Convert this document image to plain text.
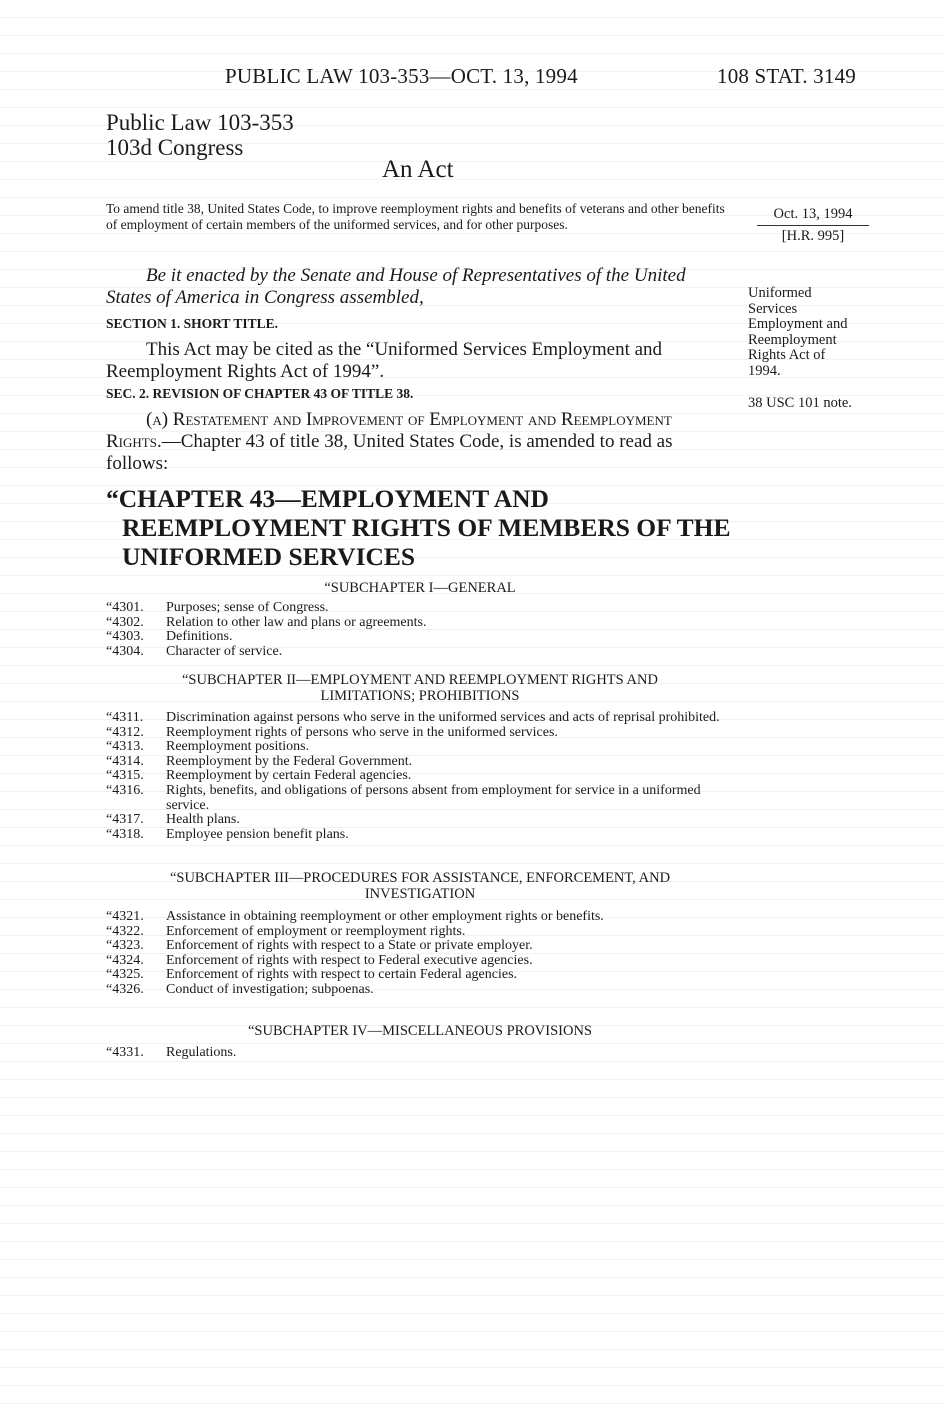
PUBLIC LAW 103-353—OCT. 13, 1994	108 STAT. 3149
Public Law 103-353
103d Congress
An Act
To amend title 38, United States Code, to improve reemployment rights and benefits of veterans and other benefits of employment of certain members of the uniformed services, and for other purposes.
Oct. 13, 1994
[H.R. 995]
Uniformed Services Employment and Reemployment Rights Act of 1994.
38 USC 101 note.
Be it enacted by the Senate and House of Representatives of the United States of America in Congress assembled,
SECTION 1. SHORT TITLE.
This Act may be cited as the “Uniformed Services Employment and Reemployment Rights Act of 1994”.
SEC. 2. REVISION OF CHAPTER 43 OF TITLE 38.
(a) Restatement and Improvement of Employment and Reemployment Rights.—Chapter 43 of title 38, United States Code, is amended to read as follows:
“CHAPTER 43—EMPLOYMENT AND REEMPLOYMENT RIGHTS OF MEMBERS OF THE UNIFORMED SERVICES
“SUBCHAPTER I—GENERAL
“4301. Purposes; sense of Congress.
“4302. Relation to other law and plans or agreements.
“4303. Definitions.
“4304. Character of service.
“SUBCHAPTER II—EMPLOYMENT AND REEMPLOYMENT RIGHTS AND LIMITATIONS; PROHIBITIONS
“4311. Discrimination against persons who serve in the uniformed services and acts of reprisal prohibited.
“4312. Reemployment rights of persons who serve in the uniformed services.
“4313. Reemployment positions.
“4314. Reemployment by the Federal Government.
“4315. Reemployment by certain Federal agencies.
“4316. Rights, benefits, and obligations of persons absent from employment for service in a uniformed service.
“4317. Health plans.
“4318. Employee pension benefit plans.
“SUBCHAPTER III—PROCEDURES FOR ASSISTANCE, ENFORCEMENT, AND INVESTIGATION
“4321. Assistance in obtaining reemployment or other employment rights or benefits.
“4322. Enforcement of employment or reemployment rights.
“4323. Enforcement of rights with respect to a State or private employer.
“4324. Enforcement of rights with respect to Federal executive agencies.
“4325. Enforcement of rights with respect to certain Federal agencies.
“4326. Conduct of investigation; subpoenas.
“SUBCHAPTER IV—MISCELLANEOUS PROVISIONS
“4331. Regulations.
